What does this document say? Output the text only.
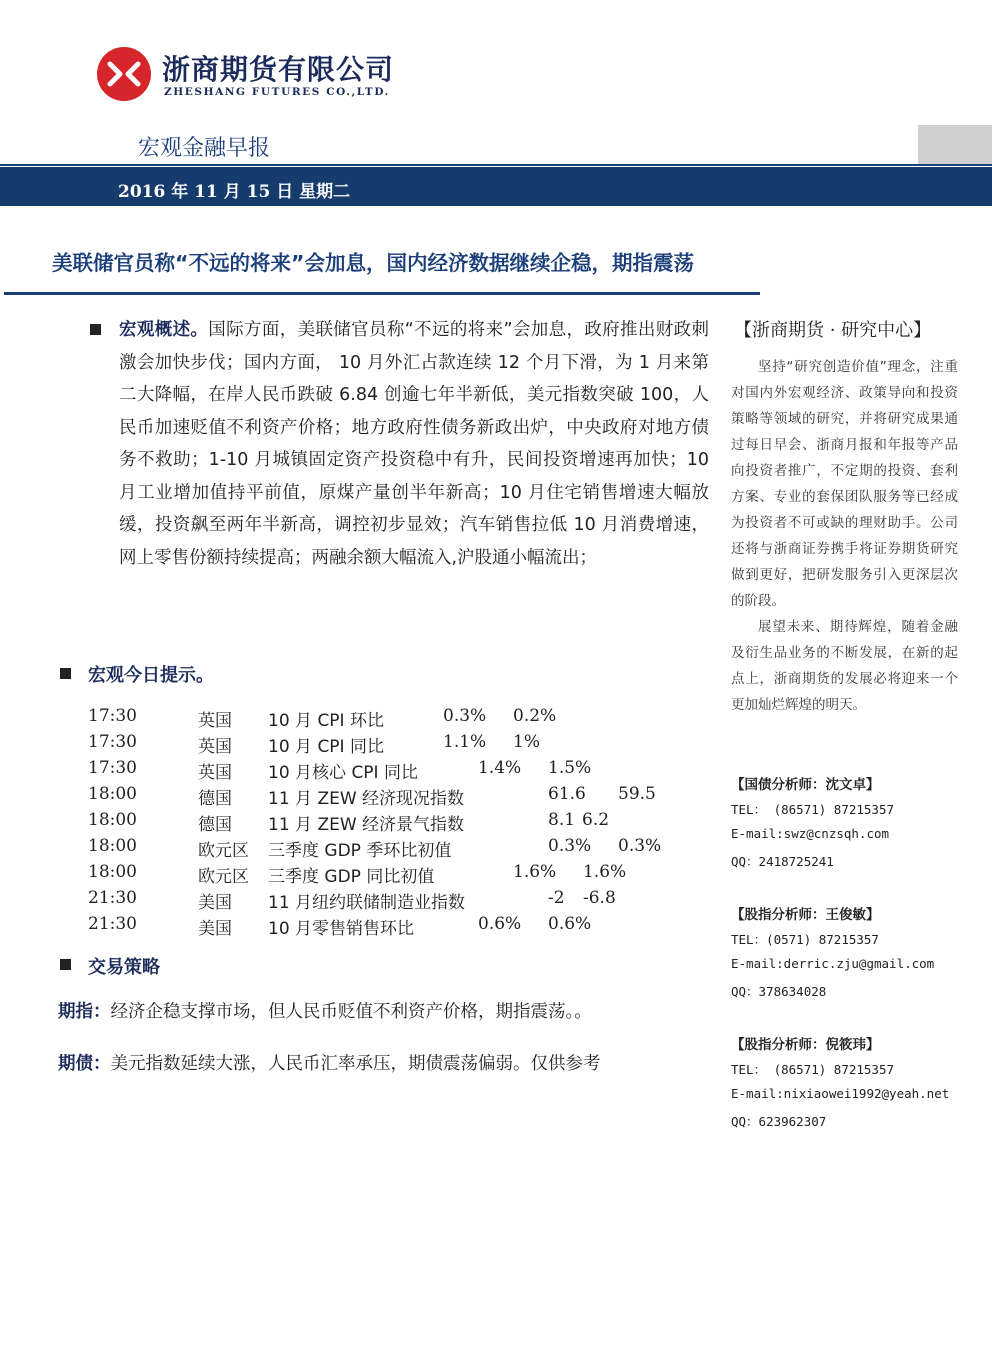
浙商期货有限公司
ZHESHANG FUTURES CO.,LTD.
宏观金融早报
2016 年 11 月 15 日 星期二
美联储官员称“不远的将来”会加息，国内经济数据继续企稳，期指震荡
宏观概述。国际方面，美联储官员称“不远的将来”会加息，政府推出财政刺激会加快步伐；国内方面， 10 月外汇占款连续 12 个月下滑，为 1 月来第二大降幅，在岸人民币跌破 6.84 创逾七年半新低，美元指数突破 100，人民币加速贬值不利资产价格；地方政府性债务新政出炉，中央政府对地方债务不救助；1-10 月城镇固定资产投资稳中有升，民间投资增速再加快；10 月工业增加值持平前值，原煤产量创半年新高；10 月住宅销售增速大幅放缓，投资飙至两年半新高，调控初步显效；汽车销售拉低 10 月消费增速，网上零售份额持续提高；两融余额大幅流入,沪股通小幅流出；
宏观今日提示。
17:30	英国 10 月 CPI 环比	0.3% 0.2%
17:30	英国 10 月 CPI 同比	1.1% 1%
17:30	英国 10 月核心 CPI 同比	1.4% 1.5%
18:00	德国 11 月 ZEW 经济现况指数	61.6 59.5
18:00	德国 11 月 ZEW 经济景气指数	8.1 6.2
18:00	欧元区 三季度 GDP 季环比初值	0.3% 0.3%
18:00	欧元区 三季度 GDP 同比初值	1.6% 1.6%
21:30	美国 11 月纽约联储制造业指数	-2 -6.8
21:30	美国 10 月零售销售环比	0.6% 0.6%
交易策略
期指：经济企稳支撑市场，但人民币贬值不利资产价格，期指震荡。。
期债：美元指数延续大涨，人民币汇率承压，期债震荡偏弱。仅供参考
【浙商期货 · 研究中心】
坚持“研究创造价值”理念，注重对国内外宏观经济、政策导向和投资策略等领域的研究，并将研究成果通过每日早会、浙商月报和年报等产品向投资者推广，不定期的投资、套利方案、专业的套保团队服务等已经成为投资者不可或缺的理财助手。公司还将与浙商证券携手将证券期货研究做到更好，把研发服务引入更深层次的阶段。
展望未来、期待辉煌，随着金融及衍生品业务的不断发展，在新的起点上，浙商期货的发展必将迎来一个更加灿烂辉煌的明天。
【国债分析师：沈文卓】
TEL： (86571) 87215357
E-mail:swz@cnzsqh.com
QQ：2418725241
【股指分析师：王俊敏】
TEL：(0571) 87215357
E-mail:derric.zju@gmail.com
QQ：378634028
【股指分析师：倪筱玮】
TEL： (86571) 87215357
E-mail:nixiaowei1992@yeah.net
QQ：623962307
